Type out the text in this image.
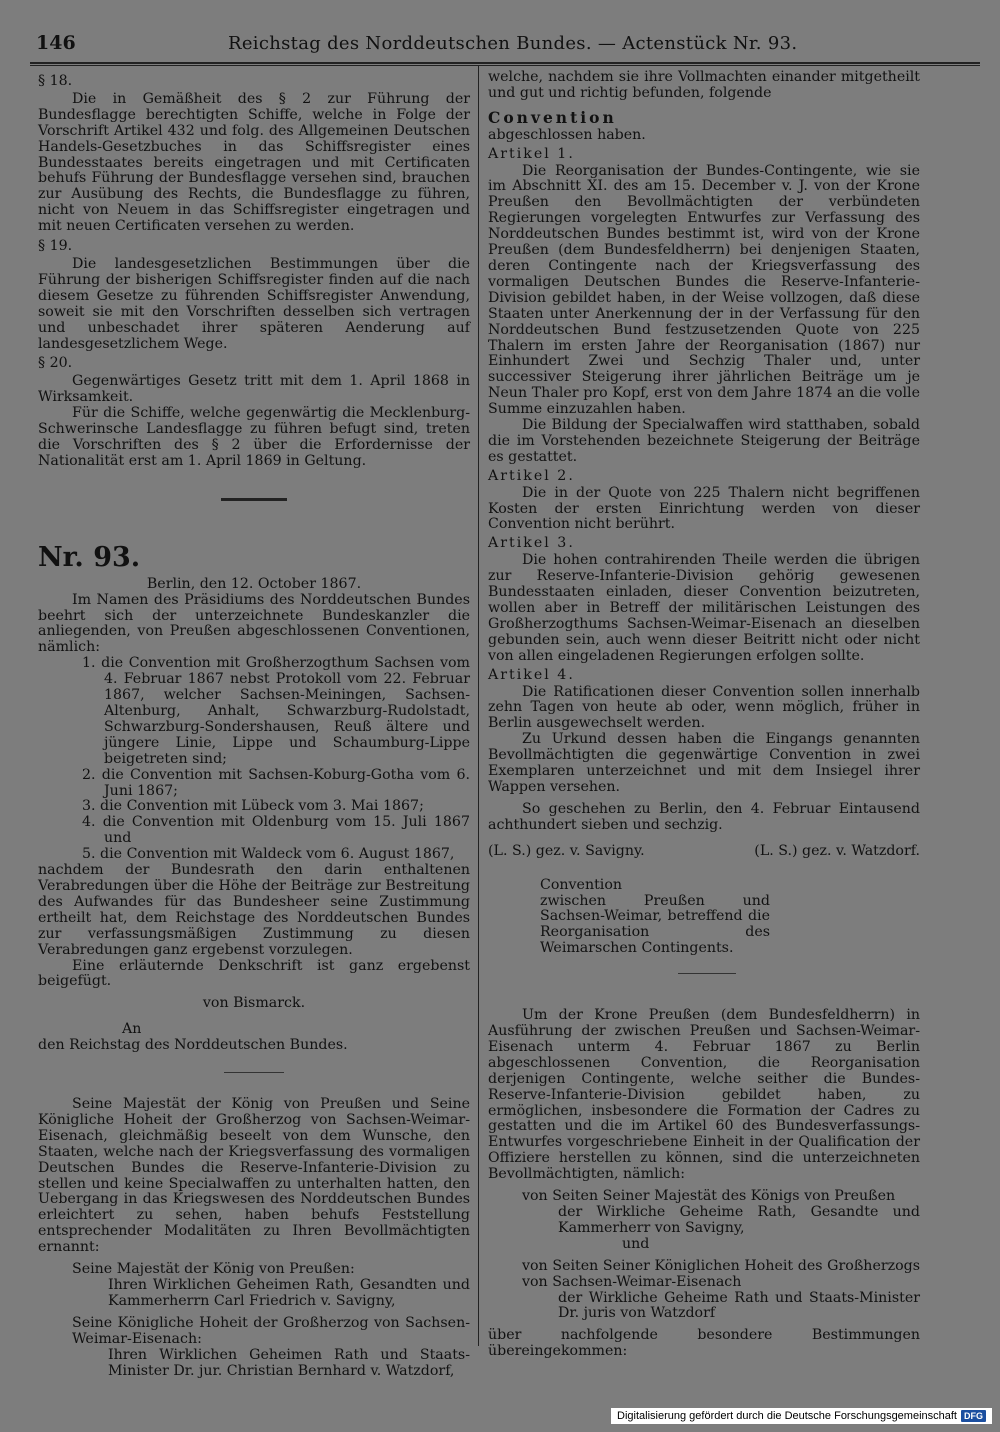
146	Reichstag des Norddeutschen Bundes. — Actenstück Nr. 93.

§ 18.

Die in Gemäßheit des § 2 zur Führung der Bundesflagge berechtigten Schiffe, welche in Folge der Vorschrift Artikel 432 und folg. des Allgemeinen Deutschen Handels-Gesetzbuches in das Schiffsregister eines Bundesstaates bereits eingetragen und mit Certificaten behufs Führung der Bundesflagge versehen sind, brauchen zur Ausübung des Rechts, die Bundesflagge zu führen, nicht von Neuem in das Schiffsregister eingetragen und mit neuen Certificaten versehen zu werden.

§ 19.

Die landesgesetzlichen Bestimmungen über die Führung der bisherigen Schiffsregister finden auf die nach diesem Gesetze zu führenden Schiffsregister Anwendung, soweit sie mit den Vorschriften desselben sich vertragen und unbeschadet ihrer späteren Aenderung auf landesgesetzlichem Wege.

§ 20.

Gegenwärtiges Gesetz tritt mit dem 1. April 1868 in Wirksamkeit.

Für die Schiffe, welche gegenwärtig die Mecklenburg-Schwerinsche Landesflagge zu führen befugt sind, treten die Vorschriften des § 2 über die Erfordernisse der Nationalität erst am 1. April 1869 in Geltung.

Nr. 93.

Berlin, den 12. October 1867.

Im Namen des Präsidiums des Norddeutschen Bundes beehrt sich der unterzeichnete Bundeskanzler die anliegenden, von Preußen abgeschlossenen Conventionen, nämlich:

1. die Convention mit Großherzogthum Sachsen vom 4. Februar 1867 nebst Protokoll vom 22. Februar 1867, welcher Sachsen-Meiningen, Sachsen-Altenburg, Anhalt, Schwarzburg-Rudolstadt, Schwarzburg-Sondershausen, Reuß ältere und jüngere Linie, Lippe und Schaumburg-Lippe beigetreten sind;

2. die Convention mit Sachsen-Koburg-Gotha vom 6. Juni 1867;

3. die Convention mit Lübeck vom 3. Mai 1867;

4. die Convention mit Oldenburg vom 15. Juli 1867 und

5. die Convention mit Waldeck vom 6. August 1867,

nachdem der Bundesrath den darin enthaltenen Verabredungen über die Höhe der Beiträge zur Bestreitung des Aufwandes für das Bundesheer seine Zustimmung ertheilt hat, dem Reichstage des Norddeutschen Bundes zur verfassungsmäßigen Zustimmung zu diesen Verabredungen ganz ergebenst vorzulegen.

Eine erläuternde Denkschrift ist ganz ergebenst beigefügt.

von Bismarck.

An

den Reichstag des Norddeutschen Bundes.

Seine Majestät der König von Preußen und Seine Königliche Hoheit der Großherzog von Sachsen-Weimar-Eisenach, gleichmäßig beseelt von dem Wunsche, den Staaten, welche nach der Kriegsverfassung des vormaligen Deutschen Bundes die Reserve-Infanterie-Division zu stellen und keine Specialwaffen zu unterhalten hatten, den Uebergang in das Kriegswesen des Norddeutschen Bundes erleichtert zu sehen, haben behufs Feststellung entsprechender Modalitäten zu Ihren Bevollmächtigten ernannt:

Seine Majestät der König von Preußen:

Ihren Wirklichen Geheimen Rath, Gesandten und Kammerherrn Carl Friedrich v. Savigny,

Seine Königliche Hoheit der Großherzog von Sachsen-Weimar-Eisenach:

Ihren Wirklichen Geheimen Rath und Staats-Minister Dr. jur. Christian Bernhard v. Watzdorf,

welche, nachdem sie ihre Vollmachten einander mitgetheilt und gut und richtig befunden, folgende

Convention

abgeschlossen haben.

Artikel 1.

Die Reorganisation der Bundes-Contingente, wie sie im Abschnitt XI. des am 15. December v. J. von der Krone Preußen den Bevollmächtigten der verbündeten Regierungen vorgelegten Entwurfes zur Verfassung des Norddeutschen Bundes bestimmt ist, wird von der Krone Preußen (dem Bundesfeldherrn) bei denjenigen Staaten, deren Contingente nach der Kriegsverfassung des vormaligen Deutschen Bundes die Reserve-Infanterie-Division gebildet haben, in der Weise vollzogen, daß diese Staaten unter Anerkennung der in der Verfassung für den Norddeutschen Bund festzusetzenden Quote von 225 Thalern im ersten Jahre der Reorganisation (1867) nur Einhundert Zwei und Sechzig Thaler und, unter successiver Steigerung ihrer jährlichen Beiträge um je Neun Thaler pro Kopf, erst von dem Jahre 1874 an die volle Summe einzuzahlen haben.

Die Bildung der Specialwaffen wird statthaben, sobald die im Vorstehenden bezeichnete Steigerung der Beiträge es gestattet.

Artikel 2.

Die in der Quote von 225 Thalern nicht begriffenen Kosten der ersten Einrichtung werden von dieser Convention nicht berührt.

Artikel 3.

Die hohen contrahirenden Theile werden die übrigen zur Reserve-Infanterie-Division gehörig gewesenen Bundesstaaten einladen, dieser Convention beizutreten, wollen aber in Betreff der militärischen Leistungen des Großherzogthums Sachsen-Weimar-Eisenach an dieselben gebunden sein, auch wenn dieser Beitritt nicht oder nicht von allen eingeladenen Regierungen erfolgen sollte.

Artikel 4.

Die Ratificationen dieser Convention sollen innerhalb zehn Tagen von heute ab oder, wenn möglich, früher in Berlin ausgewechselt werden.

Zu Urkund dessen haben die Eingangs genannten Bevollmächtigten die gegenwärtige Convention in zwei Exemplaren unterzeichnet und mit dem Insiegel ihrer Wappen versehen.

So geschehen zu Berlin, den 4. Februar Eintausend achthundert sieben und sechzig.

(L. S.) gez. v. Savigny.	(L. S.) gez. v. Watzdorf.

Convention

zwischen Preußen und Sachsen-Weimar, betreffend die Reorganisation des Weimarschen Contingents.

Um der Krone Preußen (dem Bundesfeldherrn) in Ausführung der zwischen Preußen und Sachsen-Weimar-Eisenach unterm 4. Februar 1867 zu Berlin abgeschlossenen Convention, die Reorganisation derjenigen Contingente, welche seither die Bundes-Reserve-Infanterie-Division gebildet haben, zu ermöglichen, insbesondere die Formation der Cadres zu gestatten und die im Artikel 60 des Bundesverfassungs-Entwurfes vorgeschriebene Einheit in der Qualification der Offiziere herstellen zu können, sind die unterzeichneten Bevollmächtigten, nämlich:

von Seiten Seiner Majestät des Königs von Preußen

der Wirkliche Geheime Rath, Gesandte und Kammerherr von Savigny,

und

von Seiten Seiner Königlichen Hoheit des Großherzogs von Sachsen-Weimar-Eisenach

der Wirkliche Geheime Rath und Staats-Minister Dr. juris von Watzdorf

über nachfolgende besondere Bestimmungen übereingekommen:

Digitalisierung gefördert durch die Deutsche Forschungsgemeinschaft DFG
